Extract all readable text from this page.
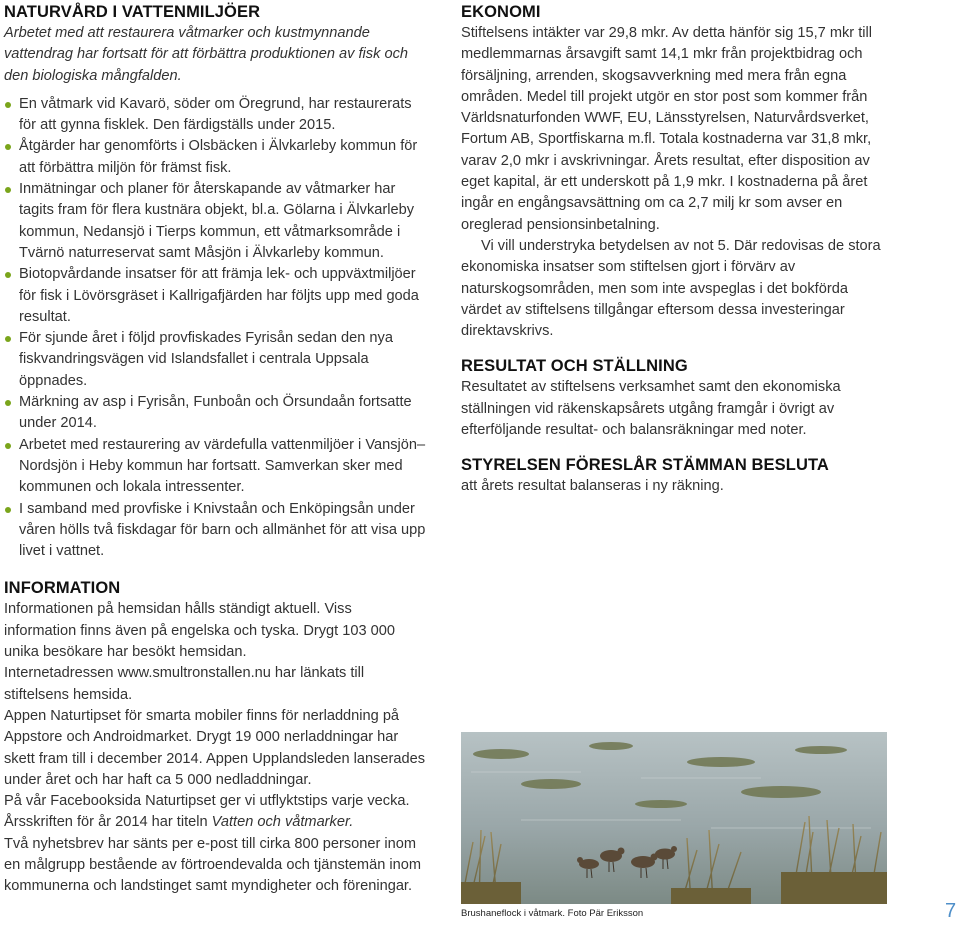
NATURVÅRD I VATTENMILJÖER

Arbetet med att restaurera våtmarker och kustmynnande vattendrag har fortsatt för att förbättra produktionen av fisk och den biologiska mångfalden.

En våtmark vid Kavarö, söder om Öregrund, har restaurerats för att gynna fisklek. Den färdigställs under 2015.
Åtgärder har genomförts i Olsbäcken i Älvkarleby kommun för att förbättra miljön för främst fisk.
Inmätningar och planer för återskapande av våtmarker har tagits fram för flera kustnära objekt, bl.a. Gölarna i Älvkarleby kommun, Nedansjö i Tierps kommun, ett våtmarksområde i Tvärnö naturreservat samt Måsjön i Älvkarleby kommun.
Biotopvårdande insatser för att främja lek- och uppväxtmiljöer för fisk i Lövörsgräset i Kallrigafjärden har följts upp med goda resultat.
För sjunde året i följd provfiskades Fyrisån sedan den nya fiskvandringsvägen vid Islandsfallet i centrala Uppsala öppnades.
Märkning av asp i Fyrisån, Funboån och Örsundaån fortsatte under 2014.
Arbetet med restaurering av värdefulla vattenmiljöer i Vansjön–Nordsjön i Heby kommun har fortsatt. Samverkan sker med kommunen och lokala intressenter.
I samband med provfiske i Knivstaån och Enköpingsån under våren hölls två fiskdagar för barn och allmänhet för att visa upp livet i vattnet.
INFORMATION

Informationen på hemsidan hålls ständigt aktuell. Viss information finns även på engelska och tyska. Drygt 103 000 unika besökare har besökt hemsidan.

Internetadressen www.smultronstallen.nu har länkats till stiftelsens hemsida.

Appen Naturtipset för smarta mobiler finns för nerladdning på Appstore och Androidmarket. Drygt 19 000 nerladdningar har skett fram till i december 2014. Appen Upplandsleden lanserades under året och har haft ca 5 000 nedladdningar.

På vår Facebooksida Naturtipset ger vi utflyktstips varje vecka.

Årsskriften för år 2014 har titeln Vatten och våtmarker.

Två nyhetsbrev har sänts per e-post till cirka 800 personer inom en målgrupp bestående av förtroendevalda och tjänstemän inom kommunerna och landstinget samt myndigheter och föreningar.

EKONOMI

Stiftelsens intäkter var 29,8 mkr. Av detta hänför sig 15,7 mkr till medlemmarnas årsavgift samt 14,1 mkr från projektbidrag och försäljning, arrenden, skogsavverkning med mera från egna områden. Medel till projekt utgör en stor post som kommer från Världsnaturfonden WWF, EU, Länsstyrelsen, Naturvårdsverket, Fortum AB, Sportfiskarna m.fl. Totala kostnaderna var 31,8 mkr, varav 2,0 mkr i avskrivningar. Årets resultat, efter disposition av eget kapital, är ett underskott på 1,9 mkr. I kostnaderna på året ingår en engångsavsättning om ca 2,7 milj kr som avser en oreglerad pensionsinbetalning.

Vi vill understryka betydelsen av not 5. Där redovisas de stora ekonomiska insatser som stiftelsen gjort i förvärv av naturskogsområden, men som inte avspeglas i det bokförda värdet av stiftelsens tillgångar eftersom dessa investeringar direktavskrivs.

RESULTAT OCH STÄLLNING

Resultatet av stiftelsens verksamhet samt den ekonomiska ställningen vid räkenskapsårets utgång framgår i övrigt av efterföljande resultat- och balansräkningar med noter.

STYRELSEN FÖRESLÅR STÄMMAN BESLUTA

att årets resultat balanseras i ny räkning.

Brushaneflock i våtmark. Foto Pär Eriksson	7
